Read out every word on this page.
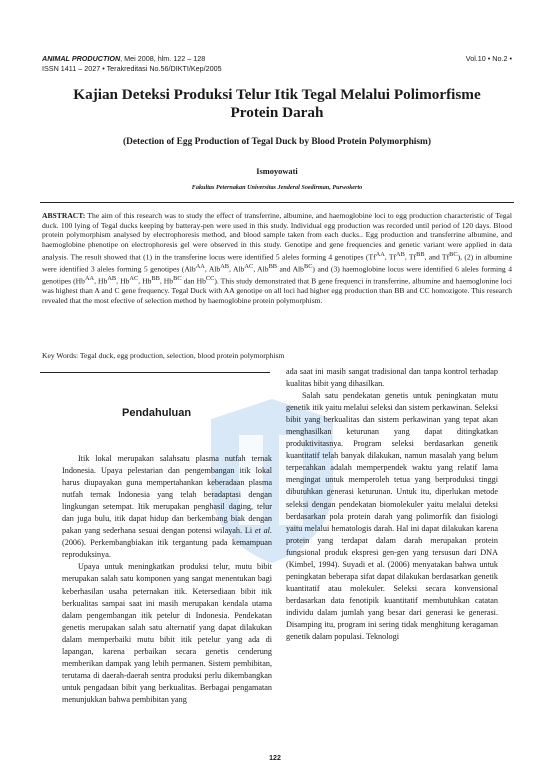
ANIMAL PRODUCTION, Mei 2008, hlm. 122 – 128	Vol.10 • No.2 •
ISSN 1411 – 2027 • Terakreditasi No.56/DIKTI/Kep/2005
Kajian Deteksi Produksi Telur Itik Tegal Melalui Polimorfisme
Protein Darah
(Detection of Egg Production of Tegal Duck by Blood Protein Polymorphism)
Ismoyowati
Fakultas Peternakan Universitas Jenderal Soedirman, Purwokerto
ABSTRACT: The aim of this research was to study the effect of transferrine, albumine, and haemoglobine loci to egg production characteristic of Tegal duck. 100 lying of Tegal ducks keeping by batteray-pen were used in this study. Individual egg production was recorded until period of 120 days. Blood protein polymorphism analysed by electrophoresis method, and blood sample taken from each ducks.. Egg production and transferrine albumine, and haemoglobine phenotipe on electrophoresis gel were observed in this study. Genotipe and gene frequencies and genetic variant were applied in data analysis. The result showed that (1) in the transferine locus were identified 5 aleles forming 4 genotipes ($Tf^{AA}$, $Tf^{AB}$, $Tf^{BB}$, and $Tf^{BC}$), (2) in albumine were identified 3 aleles forming 5 genotipes (Alb$^{AA}$, Alb$^{AB}$, Alb$^{AC}$, Alb$^{BB}$ and Alb$^{BC}$) and (3) haemoglobine locus were identified 6 aleles forming 4 genotipes ($Hb^{AA}$, $Hb^{AB}$, $Hb^{AC}$, $Hb^{BB}$, $Hb^{BC}$ dan $Hb^{CC}$). This study demonstrated that B gene frequenci in transferrine, albumine and haemoglonine loci was highest than A and C gene frequency. Tegal Duck with AA genotipe on all loci had higher egg production than BB and CC homozigote. This research revealed that the most efective of selection method by haemoglobine protein polymorphism.
Key Words: Tegal duck, egg production, selection, blood protein polymorphism
Pendahuluan

Itik lokal merupakan salahsatu plasma nutfah ternak Indonesia. Upaya pelestarian dan pengembangan itik lokal harus diupayakan guna mempertahankan keberadaan plasma nutfah ternak Indonesia yang telah beradaptasi dengan lingkungan setempat. Itik merupakan penghasil daging, telur dan juga bulu, itik dapat hidup dan berkembang biak dengan pakan yang sederhana sesuai dengan potensi wilayah. Li et al. (2006). Perkembangbiakan itik tergantung pada kemampuan reproduksinya.

Upaya untuk meningkatkan produksi telur, mutu bibit merupakan salah satu komponen yang sangat menentukan bagi keberhasilan usaha peternakan itik. Ketersediaan bibit itik berkualitas sampai saat ini masih merupakan kendala utama dalam pengembangan itik petelur di Indonesia. Pendekatan genetis merupakan salah satu alternatif yang dapat dilakukan dalam memperbaiki mutu bibit itik petelur yang ada di lapangan, karena perbaikan secara genetis cenderung memberikan dampak yang lebih permanen. Sistem pembibitan, terutama di daerah-daerah sentra produksi perlu dikembangkan untuk pengadaan bibit yang berkualitas. Berbagai pengamatan menunjukkan bahwa pembibitan yang

ada saat ini masih sangat tradisional dan tanpa kontrol terhadap kualitas bibit yang dihasilkan.

Salah satu pendekatan genetis untuk peningkatan mutu genetik itik yaitu melalui seleksi dan sistem perkawinan. Seleksi bibit yang berkualitas dan sistem perkawinan yang tepat akan menghasilkan keturunan yang dapat ditingkatkan produktivitasnya. Program seleksi berdasarkan genetik kuantitatif telah banyak dilakukan, namun masalah yang belum terpecahkan adalah memperpendek waktu yang relatif lama mengingat untuk memperoleh tetua yang berproduksi tinggi dibutuhkan generasi keturunan. Untuk itu, diperlukan metode seleksi dengan pendekatan biomolekuler yaitu melalui deteksi berdasarkan pola protein darah yang polimorfik dan fisiologi yaitu melalui hematologis darah. Hal ini dapat dilakukan karena protein yang terdapat dalam darah merupakan protein fungsional produk ekspresi gen-gen yang tersusun dari DNA (Kimbel, 1994). Suyadi et al. (2006) menyatakan bahwa untuk peningkatan beberapa sifat dapat dilakukan berdasarkan genetik kuantitatif atau molekuler. Seleksi secara konvensional berdasarkan data fenotipik kuantitatif membutuhkan catatan individu dalam jumlah yang besar dari generasi ke generasi. Disamping itu, program ini sering tidak menghitung keragaman genetik dalam populasi. Teknologi

122
